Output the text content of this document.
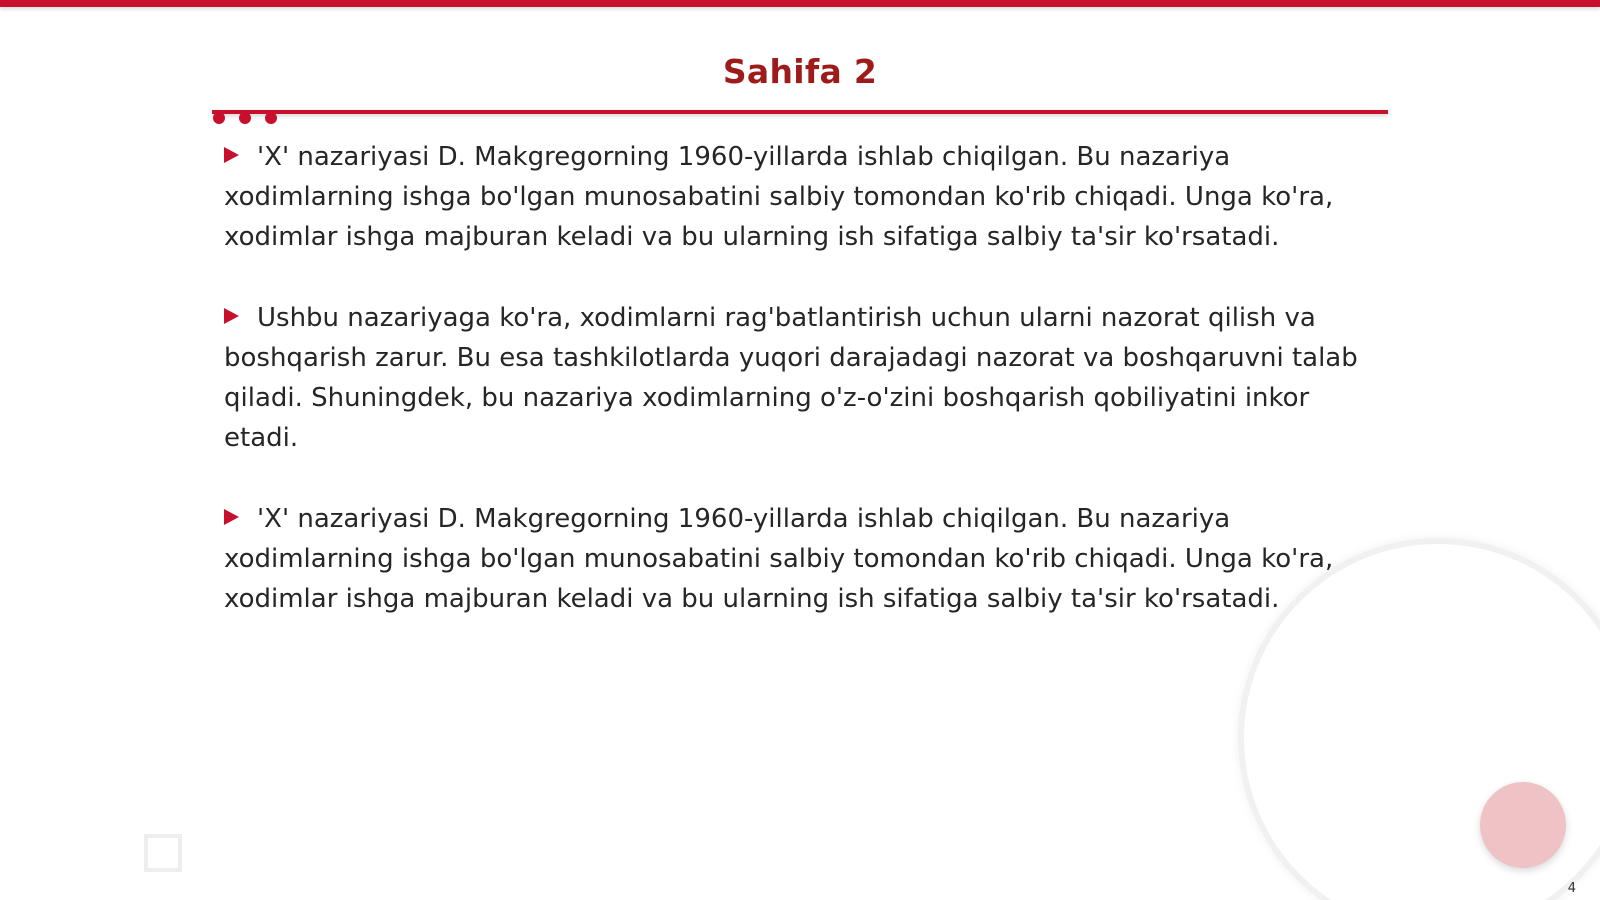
Sahifa 2

'X' nazariyasi D. Makgregorning 1960-yillarda ishlab chiqilgan. Bu nazariya xodimlarning ishga bo'lgan munosabatini salbiy tomondan ko'rib chiqadi. Unga ko'ra, xodimlar ishga majburan keladi va bu ularning ish sifatiga salbiy ta'sir ko'rsatadi.

Ushbu nazariyaga ko'ra, xodimlarni rag'batlantirish uchun ularni nazorat qilish va boshqarish zarur. Bu esa tashkilotlarda yuqori darajadagi nazorat va boshqaruvni talab qiladi. Shuningdek, bu nazariya xodimlarning o'z-o'zini boshqarish qobiliyatini inkor etadi.

'X' nazariyasi D. Makgregorning 1960-yillarda ishlab chiqilgan. Bu nazariya xodimlarning ishga bo'lgan munosabatini salbiy tomondan ko'rib chiqadi. Unga ko'ra, xodimlar ishga majburan keladi va bu ularning ish sifatiga salbiy ta'sir ko'rsatadi.

4
